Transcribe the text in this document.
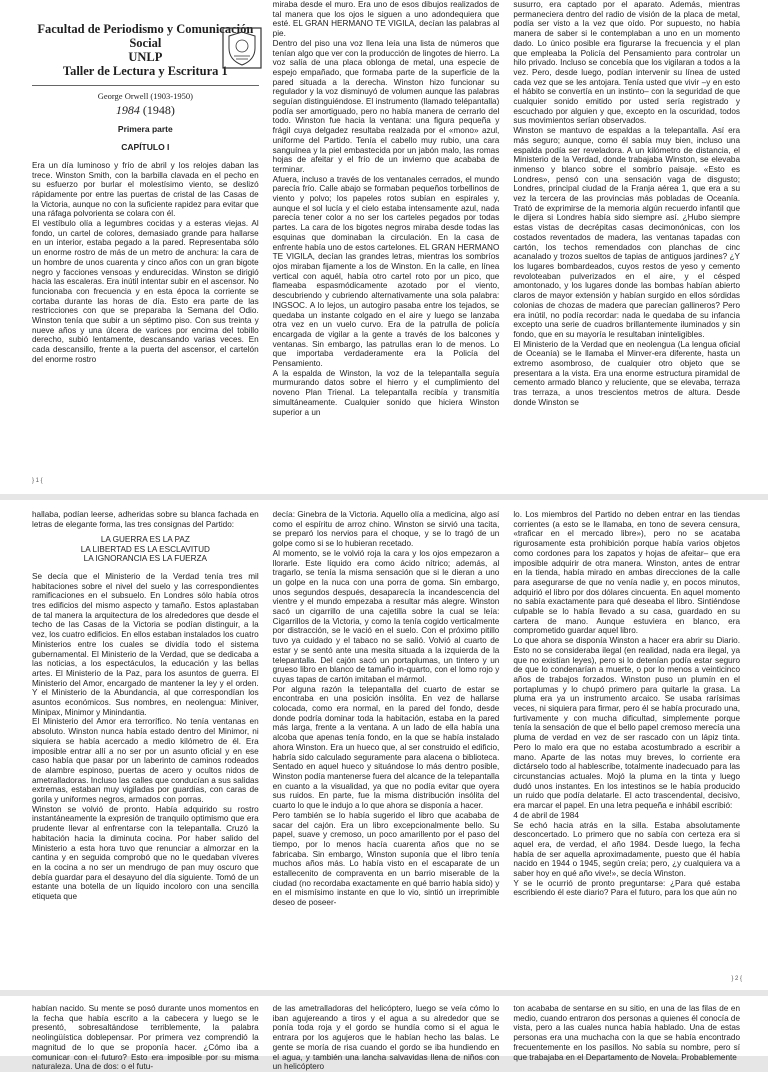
Facultad de Periodismo y Comunicación Social
UNLP
Taller de Lectura y Escritura 1
George Orwell (1903-1950)
1984 (1948)
Primera parte
CAPÍTULO I

Era un día luminoso y frío de abril y los relojes daban las trece. Winston Smith, con la barbilla clavada en el pecho en su esfuerzo por burlar el molestísimo viento, se deslizó rápidamente por entre las puertas de cristal de las Casas de la Victoria, aunque no con la suficiente rapidez para evitar que una ráfaga polvorienta se colara con él.

El vestíbulo olía a legumbres cocidas y a esteras viejas. Al fondo, un cartel de colores, demasiado grande para hallarse en un interior, estaba pegado a la pared. Representaba sólo un enorme rostro de más de un metro de anchura: la cara de un hombre de unos cuarenta y cinco años con un gran bigote negro y facciones vensoas y endurecidas. Winston se dirigió hacia las escaleras. Era inútil intentar subir en el ascensor. No funcionaba con frecuencia y en esta época la corriente se cortaba durante las horas de día. Esto era parte de las restricciones con que se preparaba la Semana del Odio. Winston tenía que subir a un séptimo piso. Con sus treinta y nueve años y una úlcera de varices por encima del tobillo derecho, subió lentamente, descansando varias veces. En cada descansillo, frente a la puerta del ascensor, el cartelón del enorme rostro

miraba desde el muro. Era uno de esos dibujos realizados de tal manera que los ojos le siguen a uno adondequiera que esté. EL GRAN HERMANO TE VIGILA, decían las palabras al pie.

Dentro del piso una voz llena leía una lista de números que tenían algo que ver con la producción de lingotes de hierro. La voz salía de una placa oblonga de metal, una especie de espejo empañado, que formaba parte de la superficie de la pared situada a la derecha. Winston hizo funcionar su regulador y la voz disminuyó de volumen aunque las palabras seguían distinguiéndose. El instrumento (llamado telépantalla) podía ser amortiguado, pero no había manera de cerrarlo del todo. Winston fue hacia la ventana: una figura pequeña y frágil cuya delgadez resultaba realzada por el «mono» azul, uniforme del Partido. Tenía el cabello muy rubio, una cara sanguínea y la piel embastecida por un jabón malo, las romas hojas de afeitar y el frío de un invierno que acababa de terminar.

Afuera, incluso a través de los ventanales cerrados, el mundo parecía frío. Calle abajo se formaban pequeños torbellinos de viento y polvo; los papeles rotos subían en espirales y, aunque el sol lucía y el cielo estaba intensamente azul, nada parecía tener color a no ser los carteles pegados por todas partes. La cara de los bigotes negros miraba desde todas las esquinas que dominaban la circulación. En la casa de enfrente había uno de estos cartelones. EL GRAN HERMANO TE VIGILA, decían las grandes letras, mientras los sombríos ojos miraban fijamente a los de Winston. En la calle, en línea vertical con aquél, había otro cartel roto por un pico, que flameaba espasmódicamente azotado por el viento, descubriendo y cubriendo alternativamente una sola palabra: INGSOC. A lo lejos, un autogiro pasaba entre los tejados, se quedaba un instante colgado en el aire y luego se lanzaba otra vez en un vuelo curvo. Era de la patrulla de policía encargada de vigilar a la gente a través de los balcones y ventanas. Sin embargo, las patrullas eran lo de menos. Lo que importaba verdaderamente era la Policía del Pensamiento.

A la espalda de Winston, la voz de la telepantalla seguía murmurando datos sobre el hierro y el cumplimiento del noveno Plan Trienal. La telepantalla recibía y transmitía simultáneamente. Cualquier sonido que hiciera Winston superior a un

susurro, era captado por el aparato. Además, mientras permaneciera dentro del radio de visión de la placa de metal, podía ser visto a la vez que oído. Por supuesto, no había manera de saber si le contemplaban a uno en un momento dado. Lo único posible era figurarse la frecuencia y el plan que empleaba la Policía del Pensamiento para controlar un hilo privado. Incluso se concebía que los vigilaran a todos a la vez. Pero, desde luego, podían intervenir su línea de usted cada vez que se les antojara. Tenía usted que vivir –y en esto el hábito se convertía en un instinto– con la seguridad de que cualquier sonido emitido por usted sería registrado y escuchado por alguien y que, excepto en la oscuridad, todos sus movimientos serían observados.

Winston se mantuvo de espaldas a la telepantalla. Así era más seguro; aunque, como él sabía muy bien, incluso una espalda podía ser reveladora. A un kilómetro de distancia, el Ministerio de la Verdad, donde trabajaba Winston, se elevaba inmenso y blanco sobre el sombrío paisaje. «Esto es Londres», pensó con una sensación vaga de disgusto; Londres, principal ciudad de la Franja aérea 1, que era a su vez la tercera de las provincias más pobladas de Oceanía. Trató de exprimirse de la memoria algún recuerdo infantil que le dijera si Londres había sido siempre así. ¿Hubo siempre estas vistas de decrépitas casas decimonónicas, con los costados reventados de madera, las ventanas tapadas con cartón, los techos remendados con planchas de cinc acanalado y trozos sueltos de tapias de antiguos jardines? ¿Y los lugares bombardeados, cuyos restos de yeso y cemento revoloteaban pulverizados en el aire, y el césped amontonado, y los lugares donde las bombas habían abierto claros de mayor extensión y habían surgido en ellos sórdidas colonias de chozas de madera que parecían gallineros? Pero era inútil, no podía recordar: nada le quedaba de su infancia excepto una serie de cuadros brillantemente iluminados y sin fondo, que en su mayoría le resultaban ininteligibles.

El Ministerio de la Verdad que en neolengua (La lengua oficial de Oceanía) se le llamaba el Minver-era diferente, hasta un extremo asombroso, de cualquier otro objeto que se presentara a la vista. Era una enorme estructura piramidal de cemento armado blanco y reluciente, que se elevaba, terraza tras terraza, a unos trescientos metros de altura. Desde donde Winston se

} 1 {

hallaba, podían leerse, adheridas sobre su blanca fachada en letras de elegante forma, las tres consignas del Partido:

LA GUERRA ES LA PAZ
LA LIBERTAD ES LA ESCLAVITUD
LA IGNORANCIA ES LA FUERZA

Se decía que el Ministerio de la Verdad tenía tres mil habitaciones sobre el nivel del suelo y las correspondientes ramificaciones en el subsuelo. En Londres sólo había otros tres edificios del mismo aspecto y tamaño. Estos aplastaban de tal manera la arquitectura de los alrededores que desde el techo de las Casas de la Victoria se podían distinguir, a la vez, los cuatro edificios. En ellos estaban instalados los cuatro Ministerios entre los cuales se dividía todo el sistema gubernamental. El Ministerio de la Verdad, que se dedicaba a las noticias, a los espectáculos, la educación y las bellas artes. El Ministerio de la Paz, para los asuntos de guerra. El Ministerio del Amor, encargado de mantener la ley y el orden. Y el Ministerio de la Abundancia, al que correspondían los asuntos económicos. Sus nombres, en neolengua: Miniver, Minipax, Minimor y Minindantia.

El Ministerio del Amor era terrorífico. No tenía ventanas en absoluto. Winston nunca había estado dentro del Minimor, ni siquiera se había acercado a medio kilómetro de él. Era imposible entrar allí a no ser por un asunto oficial y en ese caso había que pasar por un laberinto de caminos rodeados de alambre espinoso, puertas de acero y ocultos nidos de ametralladoras. Incluso las calles que conducían a sus salidas extremas, estaban muy vigiladas por guardias, con caras de gorila y uniformes negros, armados con porras.

Winston se volvió de pronto. Había adquirido su rostro instantáneamente la expresión de tranquilo optimismo que era prudente llevar al enfrentarse con la telepantalla. Cruzó la habitación hacia la diminuta cocina. Por haber salido del Ministerio a esta hora tuvo que renunciar a almorzar en la cantina y en seguida comprobó que no le quedaban víveres en la cocina a no ser un mendrugo de pan muy oscuro que debía guardar para el desayuno del día siguiente. Tomó de un estante una botella de un líquido incoloro con una sencilla etiqueta que

decía: Ginebra de la Victoria. Aquello olía a medicina, algo así como el espíritu de arroz chino. Winston se sirvió una tacita, se preparó los nervios para el choque, y se lo tragó de un golpe como si se lo hubieran recetado.

Al momento, se le volvió roja la cara y los ojos empezaron a llorarle. Este líquido era como ácido nítrico; además, al tragarlo, se tenía la misma sensación que si le dieran a uno un golpe en la nuca con una porra de goma. Sin embargo, unos segundos después, desaparecía la incandescencia del vientre y el mundo empezaba a resultar más alegre. Winston sacó un cigarrillo de una cajetilla sobre la cual se leía: Cigarrillos de la Victoria, y como la tenía cogido verticalmente por distracción, se le vació en el suelo. Con el próximo pitillo tuvo ya cuidado y el tabaco no se salió. Volvió al cuarto de estar y se sentó ante una mesita situada a la izquierda de la telepantalla. Del cajón sacó un portaplumas, un tintero y un grueso libro en blanco de tamaño in-quarto, con el lomo rojo y cuyas tapas de cartón imitaban el mármol.

Por alguna razón la telepantalla del cuarto de estar se encontraba en una posición insólita. En vez de hallarse colocada, como era normal, en la pared del fondo, desde donde podría dominar toda la habitación, estaba en la pared más larga, frente a la ventana. A un lado de ella había una alcoba que apenas tenía fondo, en la que se había instalado ahora Winston. Era un hueco que, al ser construido el edificio, habría sido calculado seguramente para alacena o biblioteca. Sentado en aquel hueco y situándose lo más dentro posible, Winston podía mantenerse fuera del alcance de la telepantalla en cuanto a la visualidad, ya que no podía evitar que oyera sus ruidos. En parte, fue la misma distribución insólita del cuarto lo que le indujo a lo que ahora se disponía a hacer.

Pero también se lo había sugerido el libro que acababa de sacar del cajón. Era un libro excepcionalmente bello. Su papel, suave y cremoso, un poco amarillento por el paso del tiempo, por lo menos hacía cuarenta años que no se fabricaba. Sin embargo, Winston suponía que el libro tenía muchos años más. Lo había visto en el escaparate de un estallecenito de compraventa en un barrio miserable de la ciudad (no recordaba exactamente en qué barrio había sido) y en el mismísimo instante en que lo vio, sintió un irreprimible deseo de poseer-

lo. Los miembros del Partido no deben entrar en las tiendas corrientes (a esto se le llamaba, en tono de severa censura, «traficar en el mercado libre»), pero no se acataba rigurosamente esta prohibición porque había varios objetos como cordones para los zapatos y hojas de afeitar– que era imposible adquirir de otra manera. Winston, antes de entrar en la tienda, había mirado en ambas direcciones de la calle para asegurarse de que no venía nadie y, en pocos minutos, adquirió el libro por dos dólares cincuenta. En aquel momento no sabía exactamente para qué deseaba el libro. Sintiéndose culpable se lo había llevado a su casa, guardado en su cartera de mano. Aunque estuviera en blanco, era comprometido guardar aquel libro.

Lo que ahora se disponía Winston a hacer era abrir su Diario. Esto no se consideraba ilegal (en realidad, nada era ilegal, ya que no existían leyes), pero si lo detenían podía estar seguro de que lo condenarían a muerte, o por lo menos a veinticinco años de trabajos forzados. Winston puso un plumín en el portaplumas y lo chupó primero para quitarle la grasa. La pluma era ya un instrumento arcaico. Se usaba rarísimas veces, ni siquiera para firmar, pero él se había procurado una, furtivamente y con mucha dificultad, simplemente porque tenía la sensación de que el bello papel cremoso merecía una pluma de verdad en vez de ser rascado con un lápiz tinta. Pero lo malo era que no estaba acostumbrado a escribir a mano. Aparte de las notas muy breves, lo corriente era dictárselo todo al hablescribe, totalmente inadecuado para las circunstancias actuales. Mojó la pluma en la tinta y luego dudó unos instantes. En los intestinos se le había producido un ruido que podía delatarle. El acto trascendental, decisivo, era marcar el papel. En una letra pequeña e inhábil escribió:

4 de abril de 1984

Se echó hacia atrás en la silla. Estaba absolutamente desconcertado. Lo primero que no sabía con certeza era si aquel era, de verdad, el año 1984. Desde luego, la fecha había de ser aquella aproximadamente, puesto que él había nacido en 1944 o 1945, según creía; pero, ¿y cualquiera va a saber hoy en qué año vive!», se decía Winston.

Y se le ocurrió de pronto preguntarse: ¿Para qué estaba escribiendo él este diario? Para el futuro, para los que aún no

} 2 {

habían nacido. Su mente se posó durante unos momentos en la fecha que había escrito a la cabecera y luego se le presentó, sobresaltándose terriblemente, la palabra neolingüística doblepensar. Por primera vez comprendió la magnitud de lo que se proponía hacer. ¿Cómo iba a comunicar con el futuro? Esto era imposible por su misma naturaleza. Una de dos: o el futu-

de las ametralladoras del helicóptero, luego se veía cómo lo iban agujereando a tiros y el agua a su alrededor que se ponía toda roja y el gordo se hundía como si el agua le entrara por los agujeros que le habían hecho las balas. Le gente se moría de risa cuando el gordo se iba hundiendo en el agua, y también una lancha salvavidas llena de niños con un helicóptero

ton acababa de sentarse en su sitio, en una de las filas de en medio, cuando entraron dos personas a quienes él conocía de vista, pero a las cuales nunca había hablado. Una de estas personas era una muchacha con la que se había encontrado frecuentemente en los pasillos. No sabía su nombre, pero sí que trabajaba en el Departamento de Novela. Probablemente
